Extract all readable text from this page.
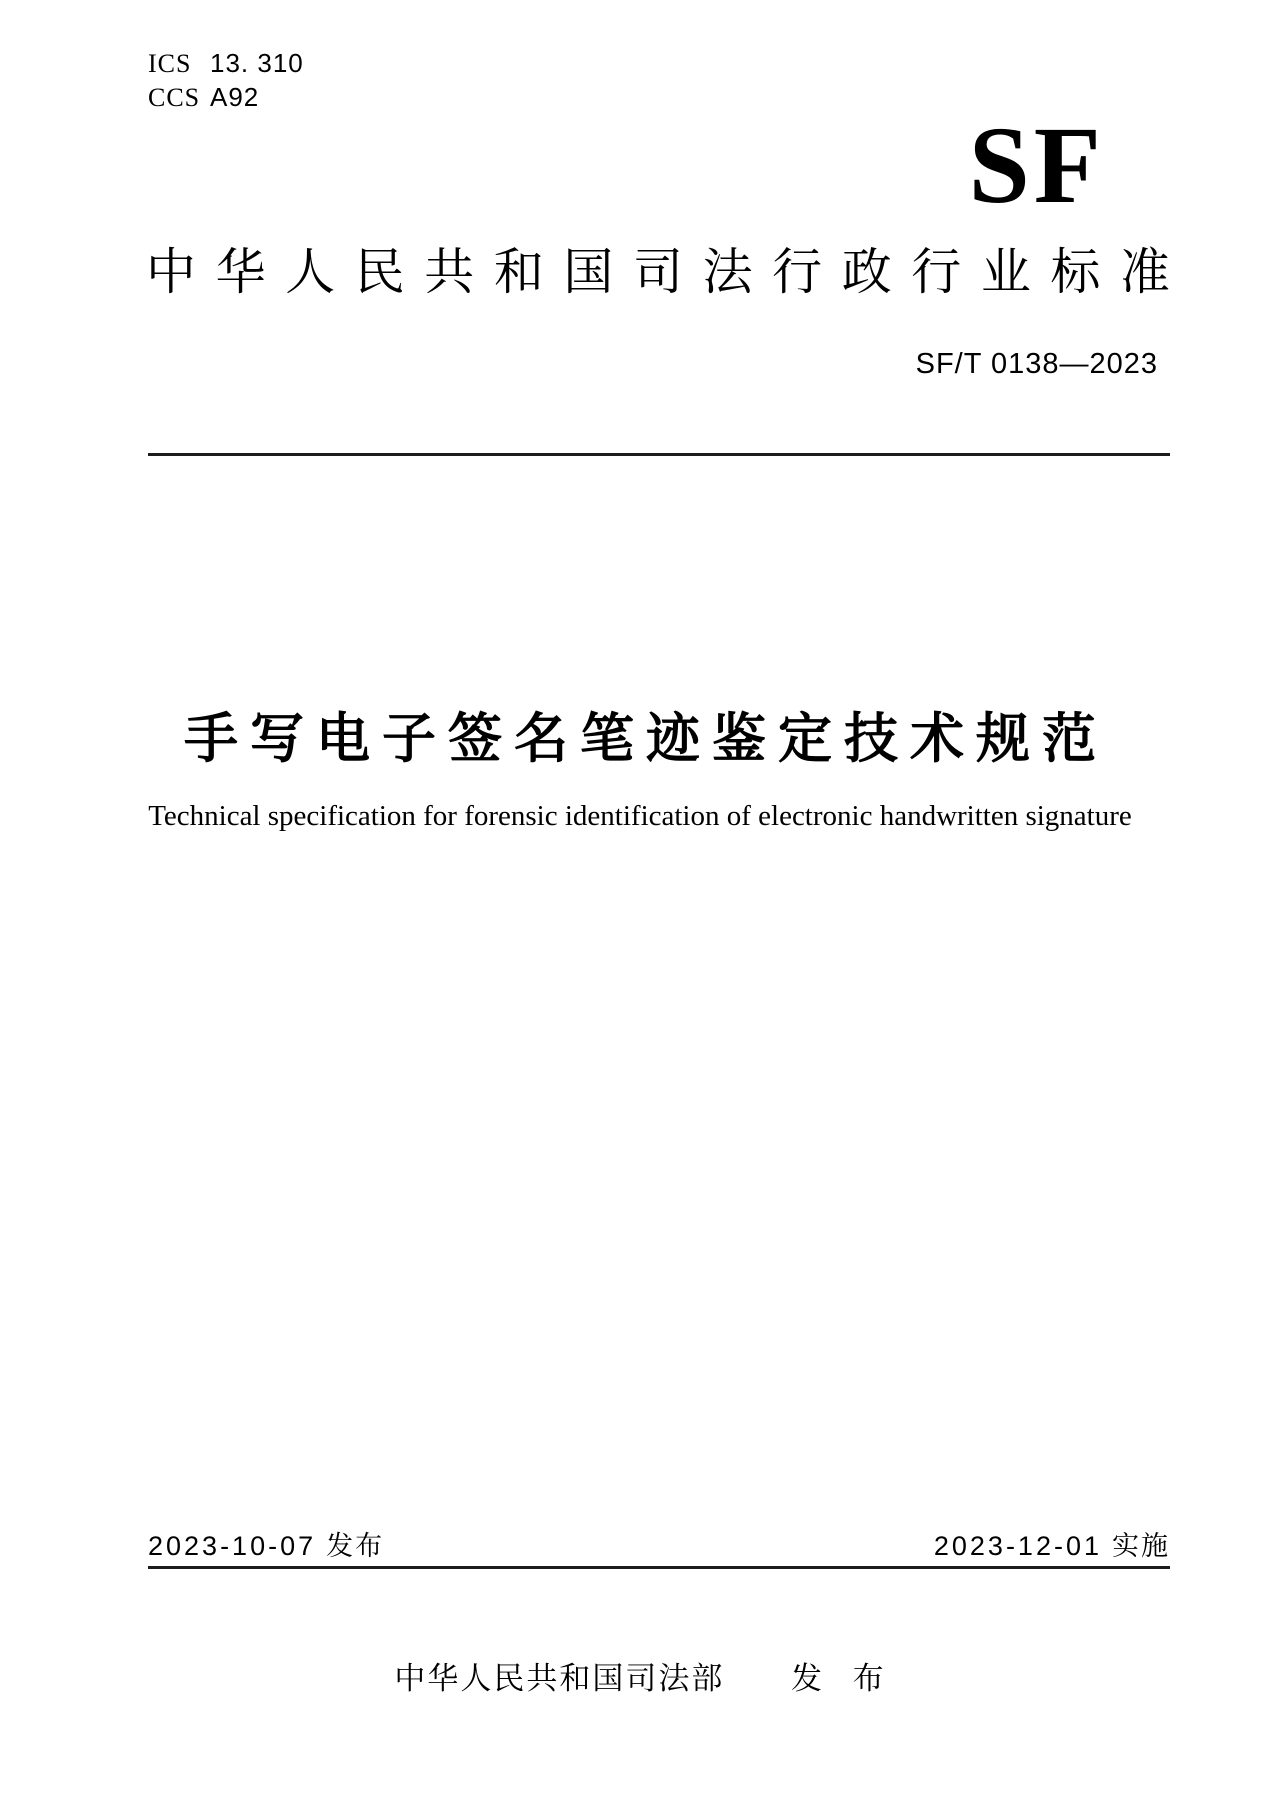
ICS 13. 310
CCS A92
SF
中华人民共和国司法行政行业标准
SF/T 0138—2023
手写电子签名笔迹鉴定技术规范
Technical specification for forensic identification of electronic handwritten signature
2023-10-07 发布	2023-12-01 实施
中华人民共和国司法部 发 布
